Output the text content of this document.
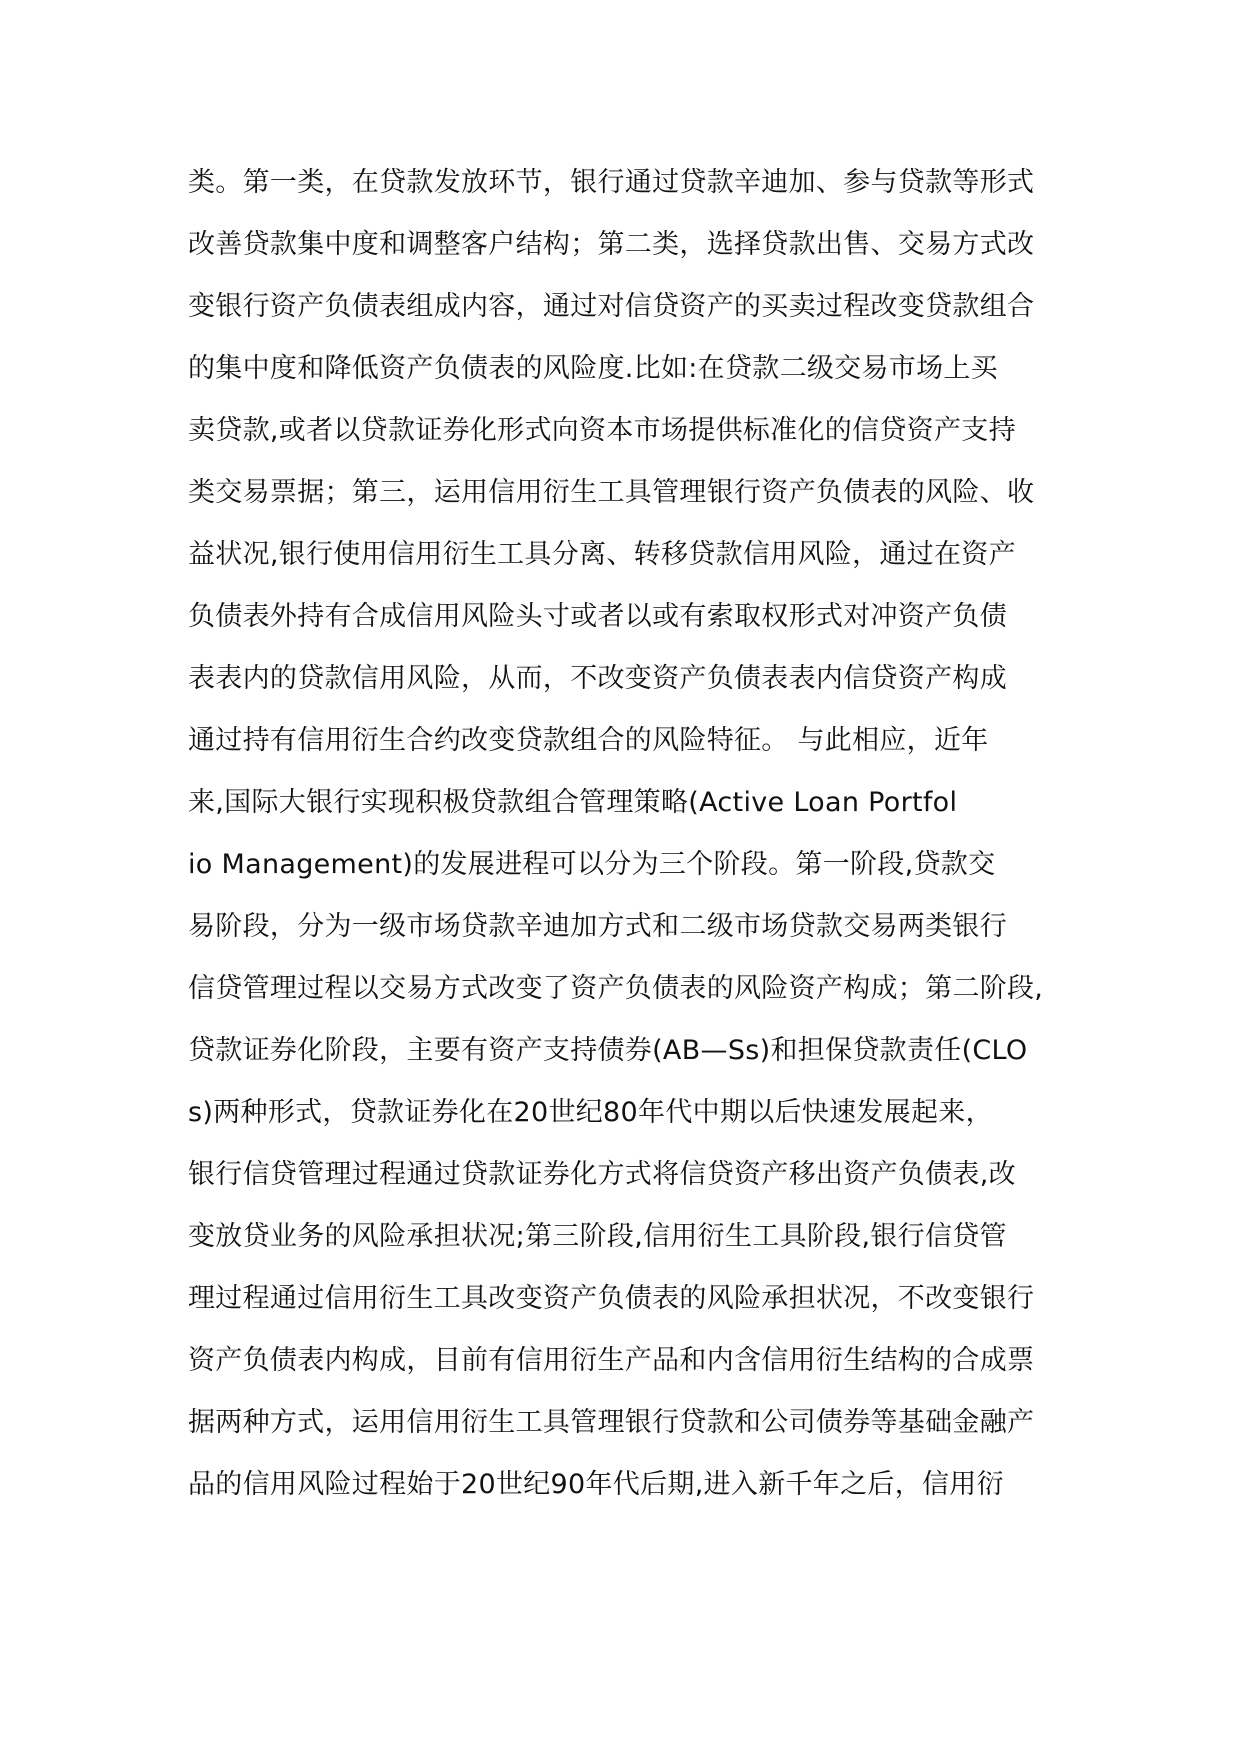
类。第一类，在贷款发放环节，银行通过贷款辛迪加、参与贷款等形式
改善贷款集中度和调整客户结构；第二类，选择贷款出售、交易方式改
变银行资产负债表组成内容，通过对信贷资产的买卖过程改变贷款组合
的集中度和降低资产负债表的风险度.比如:在贷款二级交易市场上买
卖贷款,或者以贷款证券化形式向资本市场提供标准化的信贷资产支持
类交易票据；第三，运用信用衍生工具管理银行资产负债表的风险、收
益状况,银行使用信用衍生工具分离、转移贷款信用风险，通过在资产
负债表外持有合成信用风险头寸或者以或有索取权形式对冲资产负债
表表内的贷款信用风险，从而，不改变资产负债表表内信贷资产构成
通过持有信用衍生合约改变贷款组合的风险特征。 与此相应，近年
来,国际大银行实现积极贷款组合管理策略(Active Loan Portfol
io Management)的发展进程可以分为三个阶段。第一阶段,贷款交
易阶段，分为一级市场贷款辛迪加方式和二级市场贷款交易两类银行
信贷管理过程以交易方式改变了资产负债表的风险资产构成；第二阶段,
贷款证券化阶段，主要有资产支持债券(AB—Ss)和担保贷款责任(CLO
s)两种形式，贷款证券化在20世纪80年代中期以后快速发展起来，
银行信贷管理过程通过贷款证券化方式将信贷资产移出资产负债表,改
变放贷业务的风险承担状况;第三阶段,信用衍生工具阶段,银行信贷管
理过程通过信用衍生工具改变资产负债表的风险承担状况，不改变银行
资产负债表内构成，目前有信用衍生产品和内含信用衍生结构的合成票
据两种方式，运用信用衍生工具管理银行贷款和公司债券等基础金融产
品的信用风险过程始于20世纪90年代后期,进入新千年之后，信用衍
